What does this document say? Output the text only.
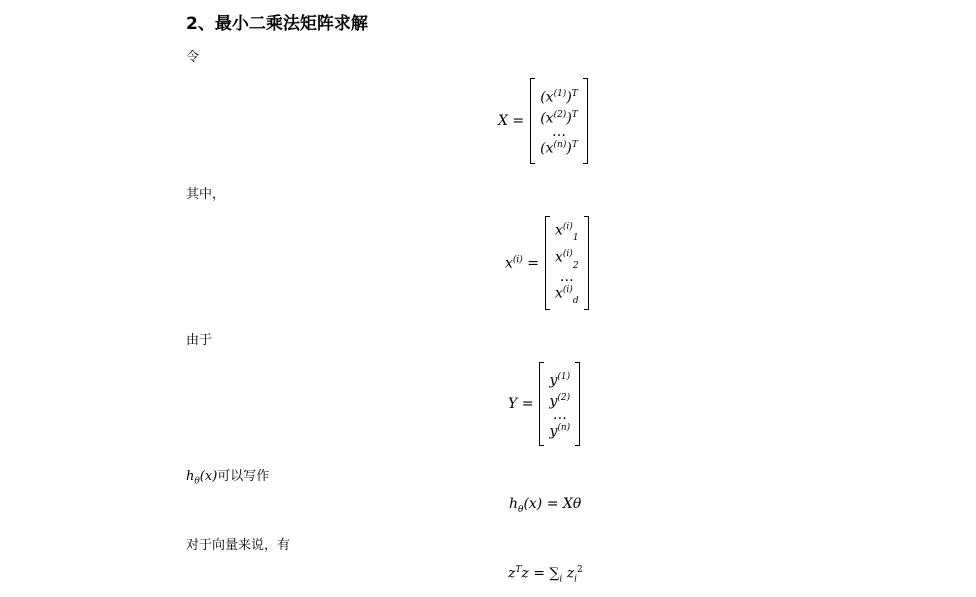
2、最小二乘法矩阵求解
令
X =
$(x^{(1)})^T$
$(x^{(2)})^T$
…
$(x^{(n)})^T$
其中，
$x^{(i)}$ =
$x^{(i)}_1$
$x^{(i)}_2$
…
$x^{(i)}_d$
由于
Y =
$y^{(1)}$
$y^{(2)}$
…
$y^{(n)}$
$h_\theta(x)$可以写作
$h_\theta(x) = X\theta$
对于向量来说，有
$z^Tz = \sum_i$ $z_i^2$
